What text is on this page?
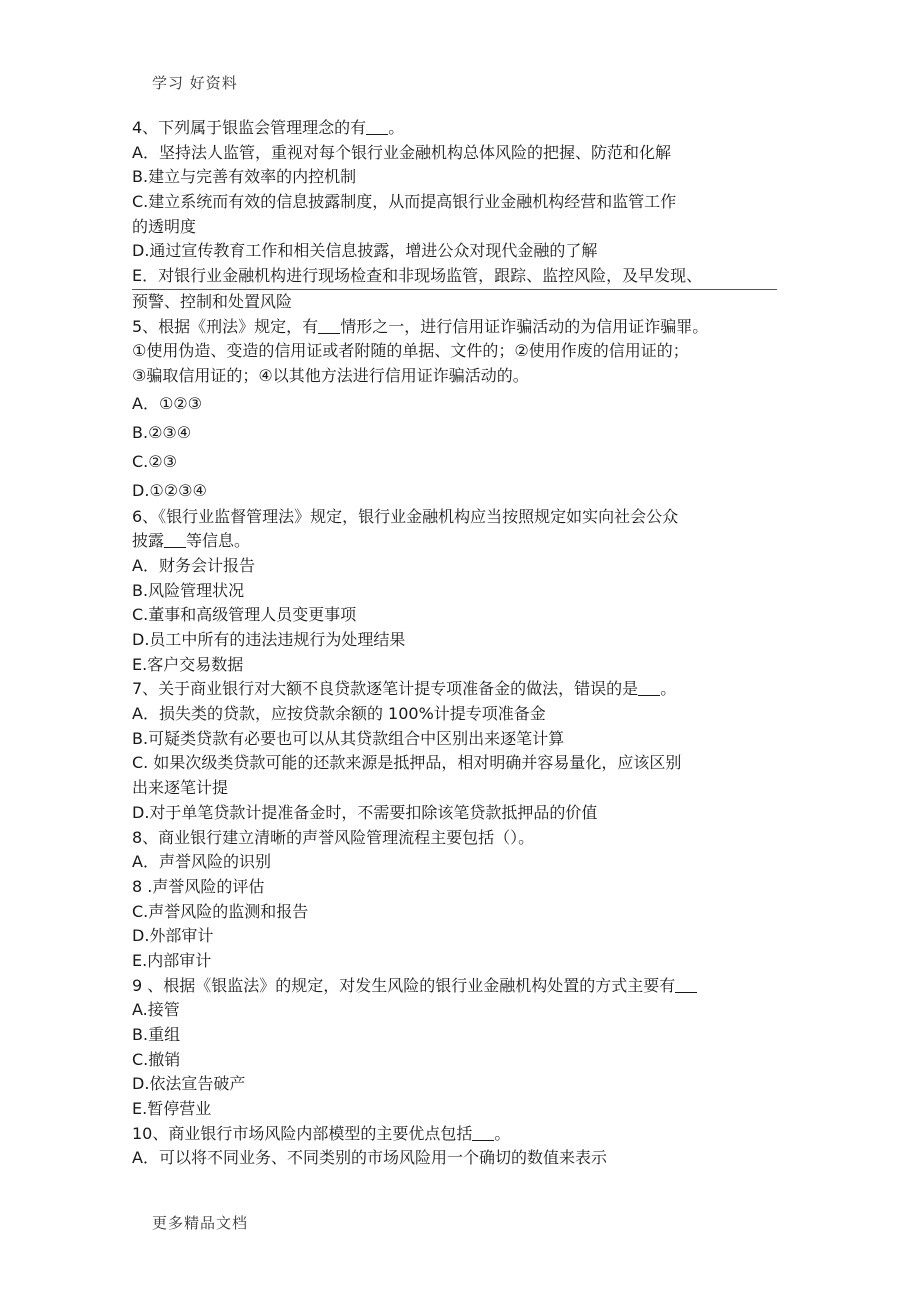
学习 好资料
4、下列属于银监会管理理念的有 。
A．坚持法人监管，重视对每个银行业金融机构总体风险的把握、防范和化解
B.建立与完善有效率的内控机制
C.建立系统而有效的信息披露制度，从而提高银行业金融机构经营和监管工作
的透明度
D.通过宣传教育工作和相关信息披露，增进公众对现代金融的了解
E．对银行业金融机构进行现场检查和非现场监管，跟踪、监控风险，及早发现、
预警、控制和处置风险
5、根据《刑法》规定，有 情形之一，进行信用证诈骗活动的为信用证诈骗罪。
①使用伪造、变造的信用证或者附随的单据、文件的；②使用作废的信用证的；
③骗取信用证的；④以其他方法进行信用证诈骗活动的。
A．①②③
B.②③④
C.②③
D.①②③④
6、《银行业监督管理法》规定，银行业金融机构应当按照规定如实向社会公众
披露 等信息。
A．财务会计报告
B.风险管理状况
C.董事和高级管理人员变更事项
D.员工中所有的违法违规行为处理结果
E.客户交易数据
7、关于商业银行对大额不良贷款逐笔计提专项准备金的做法，错误的是 。
A．损失类的贷款，应按贷款余额的 100%计提专项准备金
B.可疑类贷款有必要也可以从其贷款组合中区别出来逐笔计算
C. 如果次级类贷款可能的还款来源是抵押品，相对明确并容易量化，应该区别
出来逐笔计提
D.对于单笔贷款计提准备金时，不需要扣除该笔贷款抵押品的价值
8、商业银行建立清晰的声誉风险管理流程主要包括（）。
A．声誉风险的识别
8 .声誉风险的评估
C.声誉风险的监测和报告
D.外部审计
E.内部审计
9 、根据《银监法》的规定，对发生风险的银行业金融机构处置的方式主要有
A.接管
B.重组
C.撤销
D.依法宣告破产
E.暂停营业
10、商业银行市场风险内部模型的主要优点包括 。
A．可以将不同业务、不同类别的市场风险用一个确切的数值来表示
更多精品文档
